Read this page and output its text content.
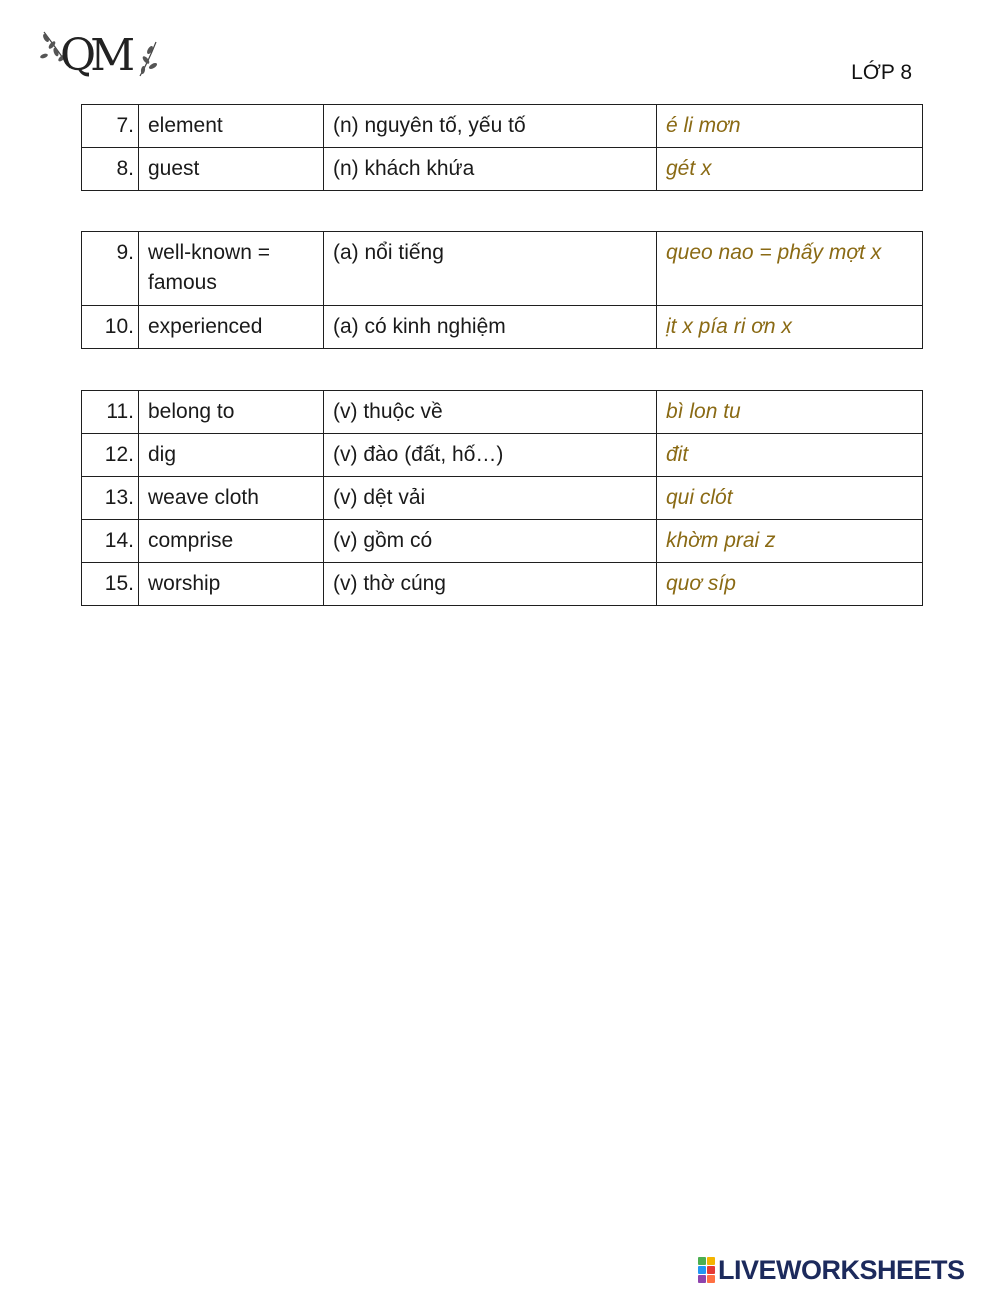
QM	LỚP 8
7.	element	(n) nguyên tố, yếu tố	é li mơn
8.	guest	(n) khách khứa	gét x
9.	well-known = famous	(a) nổi tiếng	queo nao = phấy mợt x
10.	experienced	(a) có kinh nghiệm	ịt x pía ri ơn x
11.	belong to	(v) thuộc về	bì lon tu
12.	dig	(v) đào (đất, hố…)	đit
13.	weave cloth	(v) dệt vải	qui clót
14.	comprise	(v) gồm có	khờm prai z
15.	worship	(v) thờ cúng	quơ síp
LIVEWORKSHEETS
